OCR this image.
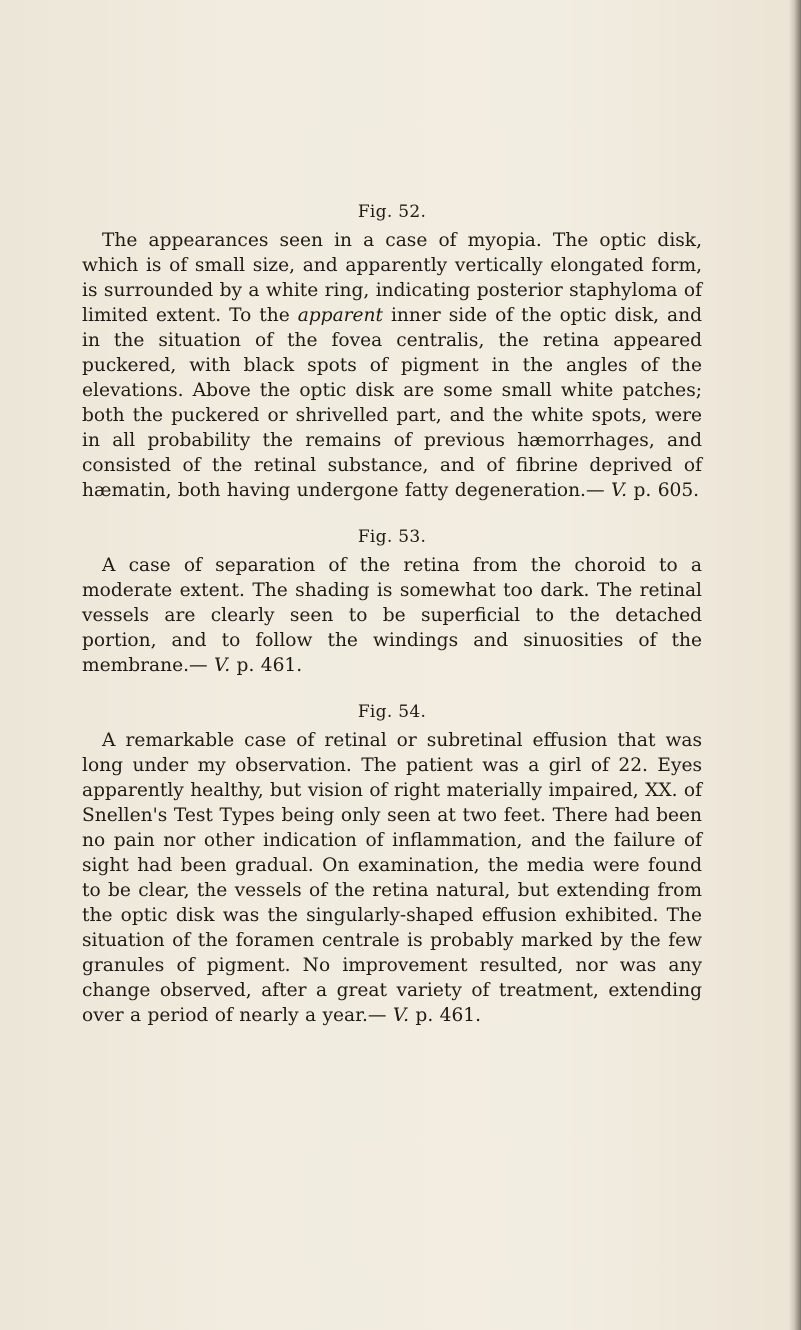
Fig. 52.

The appearances seen in a case of myopia. The optic disk, which is of small size, and apparently vertically elongated form, is surrounded by a white ring, indicating posterior staphyloma of limited extent. To the apparent inner side of the optic disk, and in the situation of the fovea centralis, the retina appeared puckered, with black spots of pigment in the angles of the elevations. Above the optic disk are some small white patches; both the puckered or shrivelled part, and the white spots, were in all probability the remains of previous hæmorrhages, and consisted of the retinal substance, and of fibrine deprived of hæmatin, both having undergone fatty degeneration.— V. p. 605.

Fig. 53.

A case of separation of the retina from the choroid to a moderate extent. The shading is somewhat too dark. The retinal vessels are clearly seen to be superficial to the detached portion, and to follow the windings and sinuosities of the membrane.— V. p. 461.

Fig. 54.

A remarkable case of retinal or subretinal effusion that was long under my observation. The patient was a girl of 22. Eyes apparently healthy, but vision of right materially impaired, XX. of Snellen's Test Types being only seen at two feet. There had been no pain nor other indication of inflammation, and the failure of sight had been gradual. On examination, the media were found to be clear, the vessels of the retina natural, but extending from the optic disk was the singularly-shaped effusion exhibited. The situation of the foramen centrale is probably marked by the few granules of pigment. No improvement resulted, nor was any change observed, after a great variety of treatment, extending over a period of nearly a year.— V. p. 461.
